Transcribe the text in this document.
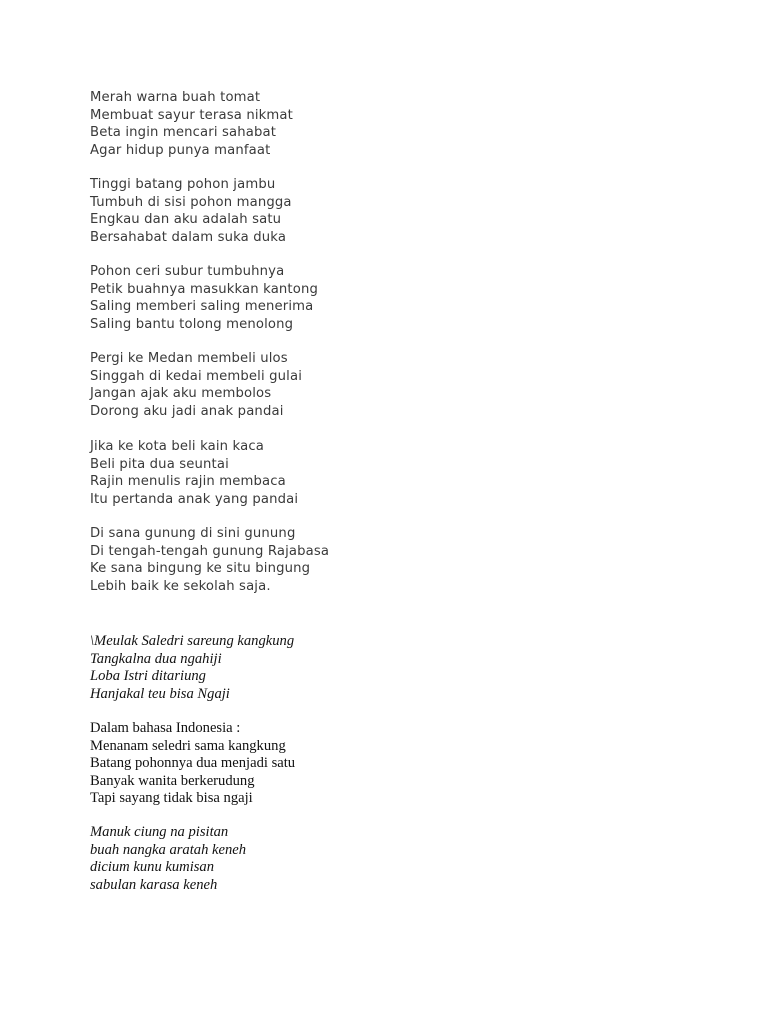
Merah warna buah tomat
Membuat sayur terasa nikmat
Beta ingin mencari sahabat
Agar hidup punya manfaat
Tinggi batang pohon jambu
Tumbuh di sisi pohon mangga
Engkau dan aku adalah satu
Bersahabat dalam suka duka
Pohon ceri subur tumbuhnya
Petik buahnya masukkan kantong
Saling memberi saling menerima
Saling bantu tolong menolong
Pergi ke Medan membeli ulos
Singgah di kedai membeli gulai
Jangan ajak aku membolos
Dorong aku jadi anak pandai
Jika ke kota beli kain kaca
Beli pita dua seuntai
Rajin menulis rajin membaca
Itu pertanda anak yang pandai
Di sana gunung di sini gunung
Di tengah-tengah gunung Rajabasa
Ke sana bingung ke situ bingung
Lebih baik ke sekolah saja.
\Meulak Saledri sareung kangkung
Tangkalna dua ngahiji
Loba Istri ditariung
Hanjakal teu bisa Ngaji
Dalam bahasa Indonesia :
Menanam seledri sama kangkung
Batang pohonnya dua menjadi satu
Banyak wanita berkerudung
Tapi sayang tidak bisa ngaji
Manuk ciung na pisitan
buah nangka aratah keneh
dicium kunu kumisan
sabulan karasa keneh
